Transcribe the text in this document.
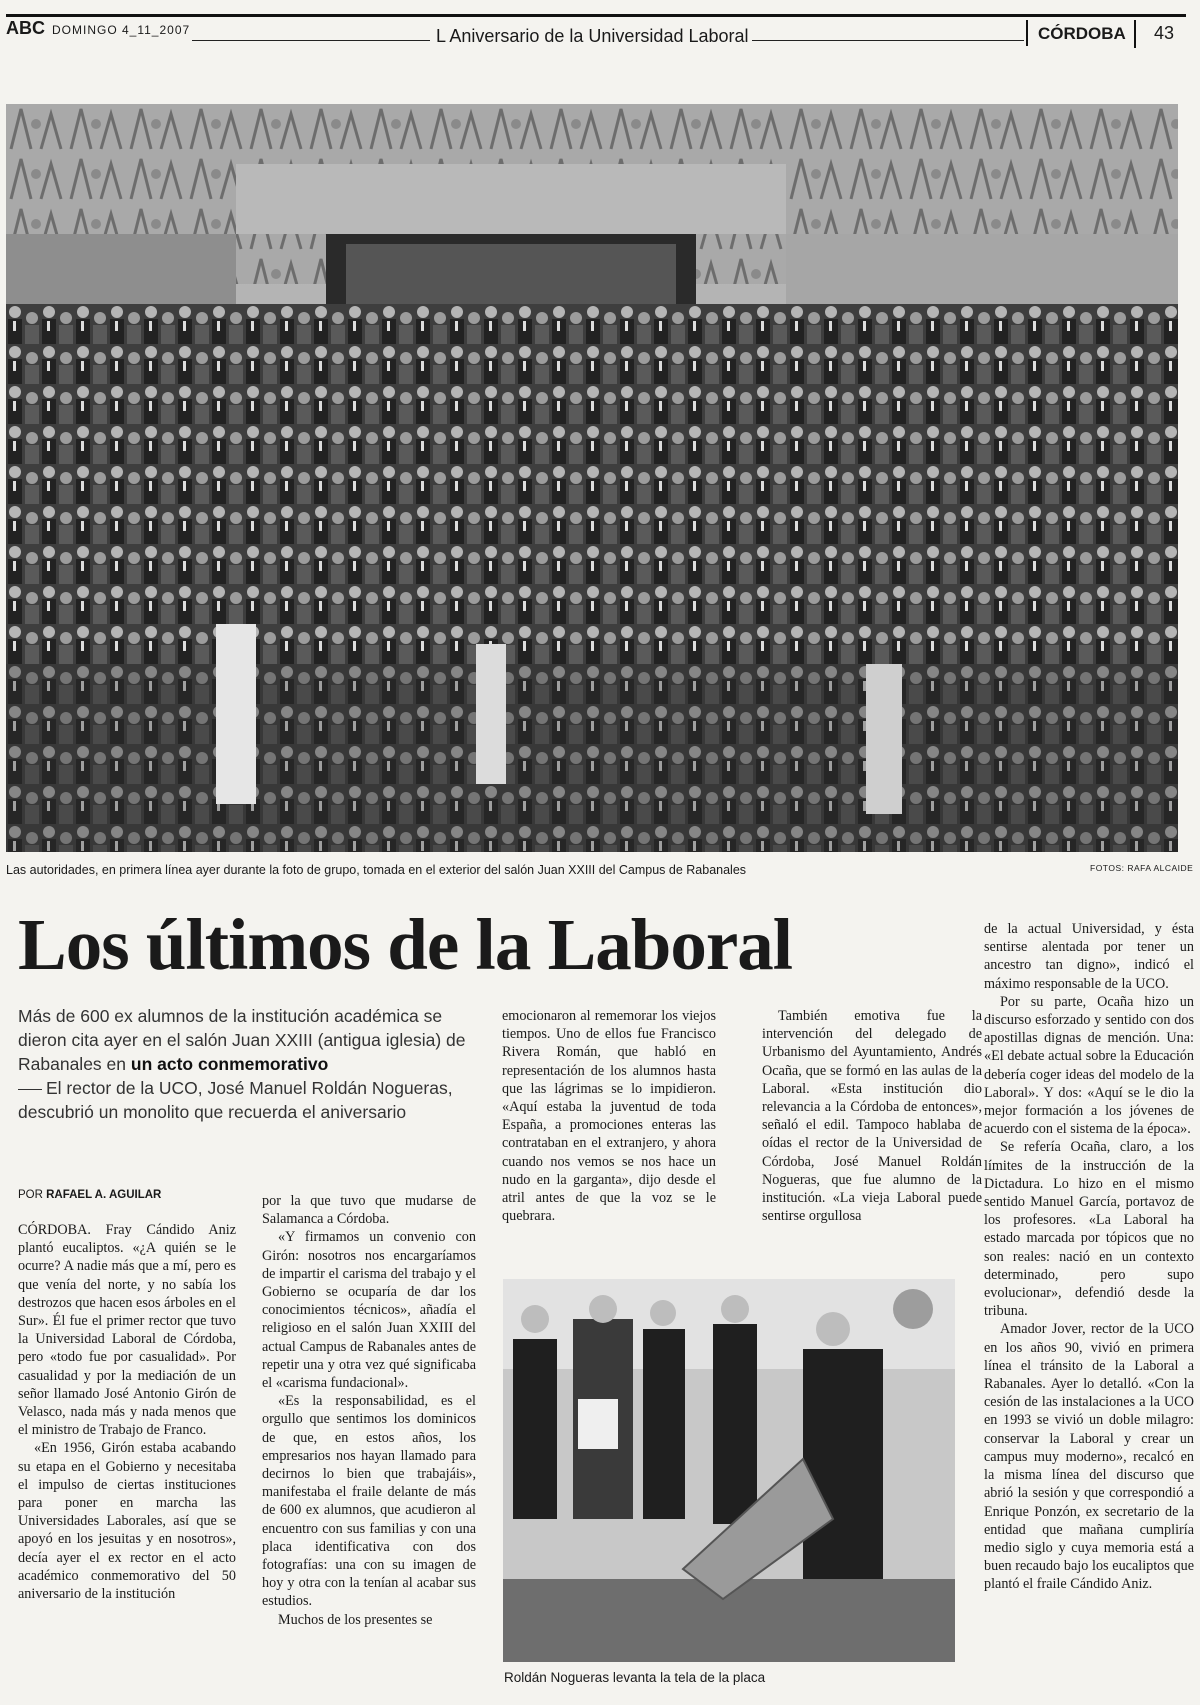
ABC DOMINGO 4_11_2007	L Aniversario de la Universidad Laboral	CÓRDOBA 43
Las autoridades, en primera línea ayer durante la foto de grupo, tomada en el exterior del salón Juan XXIII del Campus de Rabanales	FOTOS: RAFA ALCAIDE
Los últimos de la Laboral
Más de 600 ex alumnos de la institución académica se dieron cita ayer en el salón Juan XXIII (antigua iglesia) de Rabanales en un acto conmemorativo
El rector de la UCO, José Manuel Roldán Nogueras, descubrió un monolito que recuerda el aniversario
POR RAFAEL A. AGUILAR

CÓRDOBA. Fray Cándido Aniz plantó eucaliptos. «¿A quién se le ocurre? A nadie más que a mí, pero es que venía del norte, y no sabía los destrozos que hacen esos árboles en el Sur». Él fue el primer rector que tuvo la Universidad Laboral de Córdoba, pero «todo fue por casualidad». Por casualidad y por la mediación de un señor llamado José Antonio Girón de Velasco, nada más y nada menos que el ministro de Trabajo de Franco.

«En 1956, Girón estaba acabando su etapa en el Gobierno y necesitaba el impulso de ciertas instituciones para poner en marcha las Universidades Laborales, así que se apoyó en los jesuitas y en nosotros», decía ayer el ex rector en el acto académico conmemorativo del 50 aniversario de la institución

por la que tuvo que mudarse de Salamanca a Córdoba.

«Y firmamos un convenio con Girón: nosotros nos encargaríamos de impartir el carisma del trabajo y el Gobierno se ocuparía de dar los conocimientos técnicos», añadía el religioso en el salón Juan XXIII del actual Campus de Rabanales antes de repetir una y otra vez qué significaba el «carisma fundacional».

«Es la responsabilidad, es el orgullo que sentimos los dominicos de que, en estos años, los empresarios nos hayan llamado para decirnos lo bien que trabajáis», manifestaba el fraile delante de más de 600 ex alumnos, que acudieron al encuentro con sus familias y con una placa identificativa con dos fotografías: una con su imagen de hoy y otra con la tenían al acabar sus estudios.

Muchos de los presentes se

emocionaron al rememorar los viejos tiempos. Uno de ellos fue Francisco Rivera Román, que habló en representación de los alumnos hasta que las lágrimas se lo impidieron. «Aquí estaba la juventud de toda España, a promociones enteras las contrataban en el extranjero, y ahora cuando nos vemos se nos hace un nudo en la garganta», dijo desde el atril antes de que la voz se le quebrara.

También emotiva fue la intervención del delegado de Urbanismo del Ayuntamiento, Andrés Ocaña, que se formó en las aulas de la Laboral. «Esta institución dio relevancia a la Córdoba de entonces», señaló el edil. Tampoco hablaba de oídas el rector de la Universidad de Córdoba, José Manuel Roldán Nogueras, que fue alumno de la institución. «La vieja Laboral puede sentirse orgullosa

de la actual Universidad, y ésta sentirse alentada por tener un ancestro tan digno», indicó el máximo responsable de la UCO.

Por su parte, Ocaña hizo un discurso esforzado y sentido con dos apostillas dignas de mención. Una: «El debate actual sobre la Educación debería coger ideas del modelo de la Laboral». Y dos: «Aquí se le dio la mejor formación a los jóvenes de acuerdo con el sistema de la época».

Se refería Ocaña, claro, a los límites de la instrucción de la Dictadura. Lo hizo en el mismo sentido Manuel García, portavoz de los profesores. «La Laboral ha estado marcada por tópicos que no son reales: nació en un contexto determinado, pero supo evolucionar», defendió desde la tribuna.

Amador Jover, rector de la UCO en los años 90, vivió en primera línea el tránsito de la Laboral a Rabanales. Ayer lo detalló. «Con la cesión de las instalaciones a la UCO en 1993 se vivió un doble milagro: conservar la Laboral y crear un campus muy moderno», recalcó en la misma línea del discurso que abrió la sesión y que correspondió a Enrique Ponzón, ex secretario de la entidad que mañana cumpliría medio siglo y cuya memoria está a buen recaudo bajo los eucaliptos que plantó el fraile Cándido Aniz.

Roldán Nogueras levanta la tela de la placa
